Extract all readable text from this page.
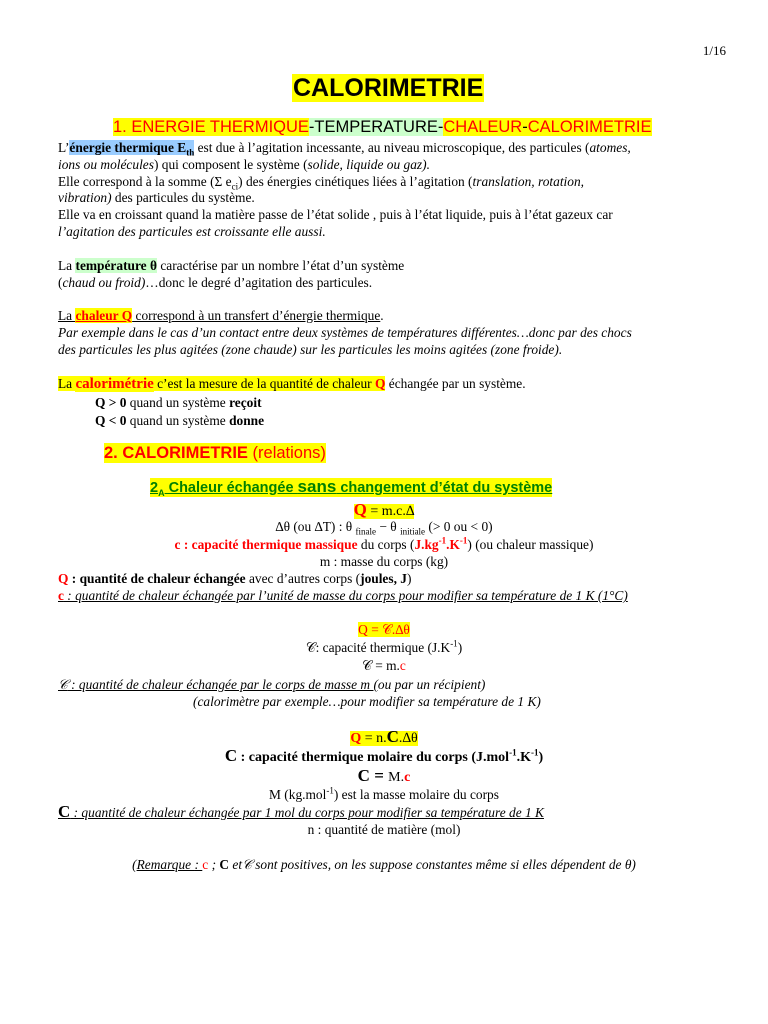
1/16
CALORIMETRIE
1. ENERGIE THERMIQUE-TEMPERATURE-CHALEUR-CALORIMETRIE
L’énergie thermique $E_{th}$ est due à l’agitation incessante, au niveau microscopique, des particules (atomes,
ions ou molécules) qui composent le système (solide, liquide ou gaz).
Elle correspond à la somme (Σ $e_{ci}$) des énergies cinétiques liées à l’agitation (translation, rotation,
vibration) des particules du système.
Elle va en croissant quand la matière passe de l’état solide , puis à l’état liquide, puis à l’état gazeux car
l’agitation des particules est croissante elle aussi.
La température θ caractérise par un nombre l’état d’un système
(chaud ou froid)…donc le degré d’agitation des particules.
La chaleur Q correspond à un transfert d’énergie thermique.
Par exemple dans le cas d’un contact entre deux systèmes de températures différentes…donc par des chocs
des particules les plus agitées (zone chaude) sur les particules les moins agitées (zone froide).
La calorimétrie c’est la mesure de la quantité de chaleur Q échangée par un système.
Q > 0 quand un système reçoit
Q < 0 quand un système donne
2. CALORIMETRIE (relations)
$2_A$ Chaleur échangée sans changement d’état du système
Q = m.c.∆
∆θ (ou ∆T) : θ $_{finale}$ − θ $_{initiale}$ (> 0 ou < 0)
c : capacité thermique massique du corps $(J.kg^{-1}.K^{-1})$ (ou chaleur massique)
m : masse du corps (kg)
Q : quantité de chaleur échangée avec d’autres corps (joules, J)
c : quantité de chaleur échangée par l’unité de masse du corps pour modifier sa température de 1 K (1°C)
Q = 𝒞.∆θ
𝒞: capacité thermique $(J.K^{-1})$
𝒞 = m.c
𝒞 : quantité de chaleur échangée par le corps de masse m (ou par un récipient)
(calorimètre par exemple…pour modifier sa température de 1 K)
Q = n.C.∆θ
C : capacité thermique molaire du corps $(J.mol^{-1}.K^{-1})$
C = M.c
M (kg.mol$^{-1}$) est la masse molaire du corps
C : quantité de chaleur échangée par 1 mol du corps pour modifier sa température de 1 K
n : quantité de matière (mol)
(Remarque : c ; C et𝒞 sont positives, on les suppose constantes même si elles dépendent de θ)
